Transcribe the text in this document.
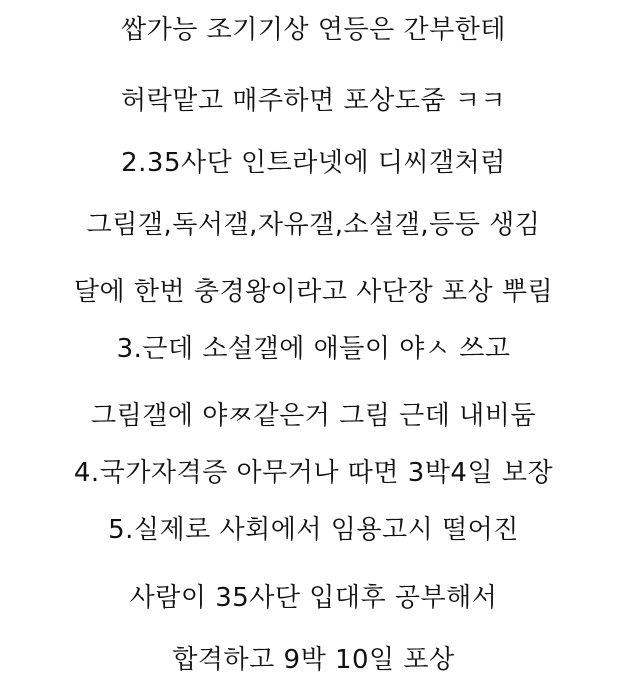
쌉가능 조기기상 연등은 간부한테
허락맡고 매주하면 포상도줌 ㅋㅋ
2.35사단 인트라넷에 디씨갤처럼
그림갤,독서갤,자유갤,소설갤,등등 생김
달에 한번 충경왕이라고 사단장 포상 뿌림
3.근데 소설갤에 애들이 야ㅅ 쓰고
그림갤에 야ㅉ같은거 그림 근데 내비둠
4.국가자격증 아무거나 따면 3박4일 보장
5.실제로 사회에서 임용고시 떨어진
사람이 35사단 입대후 공부해서
합격하고 9박 10일 포상
